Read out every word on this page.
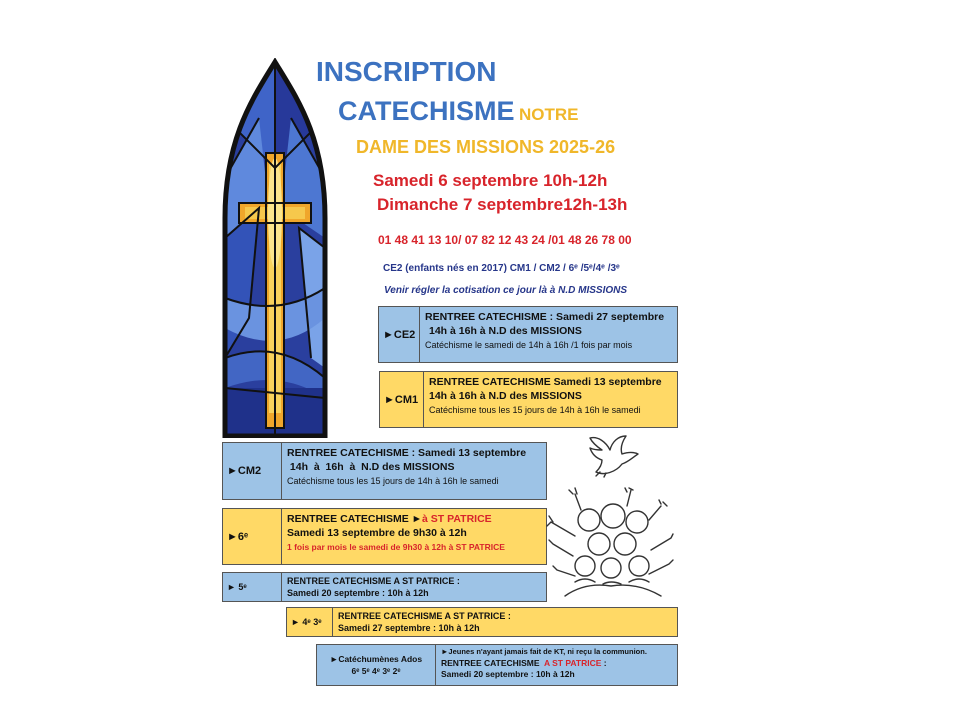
INSCRIPTION
CATECHISME NOTRE
DAME DES MISSIONS 2025-26
Samedi 6 septembre 10h-12h
Dimanche 7 septembre12h-13h
01 48 41 13 10/ 07 82 12 43 24 /01 48 26 78 00
CE2 (enfants nés en 2017) CM1 / CM2 / 6ᵉ /5ᵉ/4ᵉ /3ᵉ
Venir régler la cotisation ce jour là à N.D MISSIONS
►CE2
RENTREE CATECHISME : Samedi 27 septembre
14h à 16h à N.D des MISSIONS
Catéchisme le samedi de 14h à 16h /1 fois par mois
►CM1
RENTREE CATECHISME Samedi 13 septembre
14h à 16h à N.D des MISSIONS
Catéchisme tous les 15 jours de 14h à 16h le samedi
►CM2
RENTREE CATECHISME : Samedi 13 septembre
14h  à  16h  à  N.D des MISSIONS
Catéchisme tous les 15 jours de 14h à 16h le samedi
►6ᵉ
RENTREE CATECHISME ►à ST PATRICE
Samedi 13 septembre de 9h30 à 12h
1 fois par mois le samedi de 9h30 à 12h à ST PATRICE
► 5ᵉ
RENTREE CATECHISME A ST PATRICE :
Samedi 20 septembre : 10h à 12h
► 4ᵉ 3ᵉ
RENTREE CATECHISME A ST PATRICE :
Samedi 27 septembre : 10h à 12h
►Catéchumènes Ados
6ᵉ 5ᵉ 4ᵉ 3ᵉ 2ᵉ
►Jeunes n'ayant jamais fait de KT, ni reçu la communion.
RENTREE CATECHISME  A ST PATRICE :
Samedi 20 septembre : 10h à 12h
